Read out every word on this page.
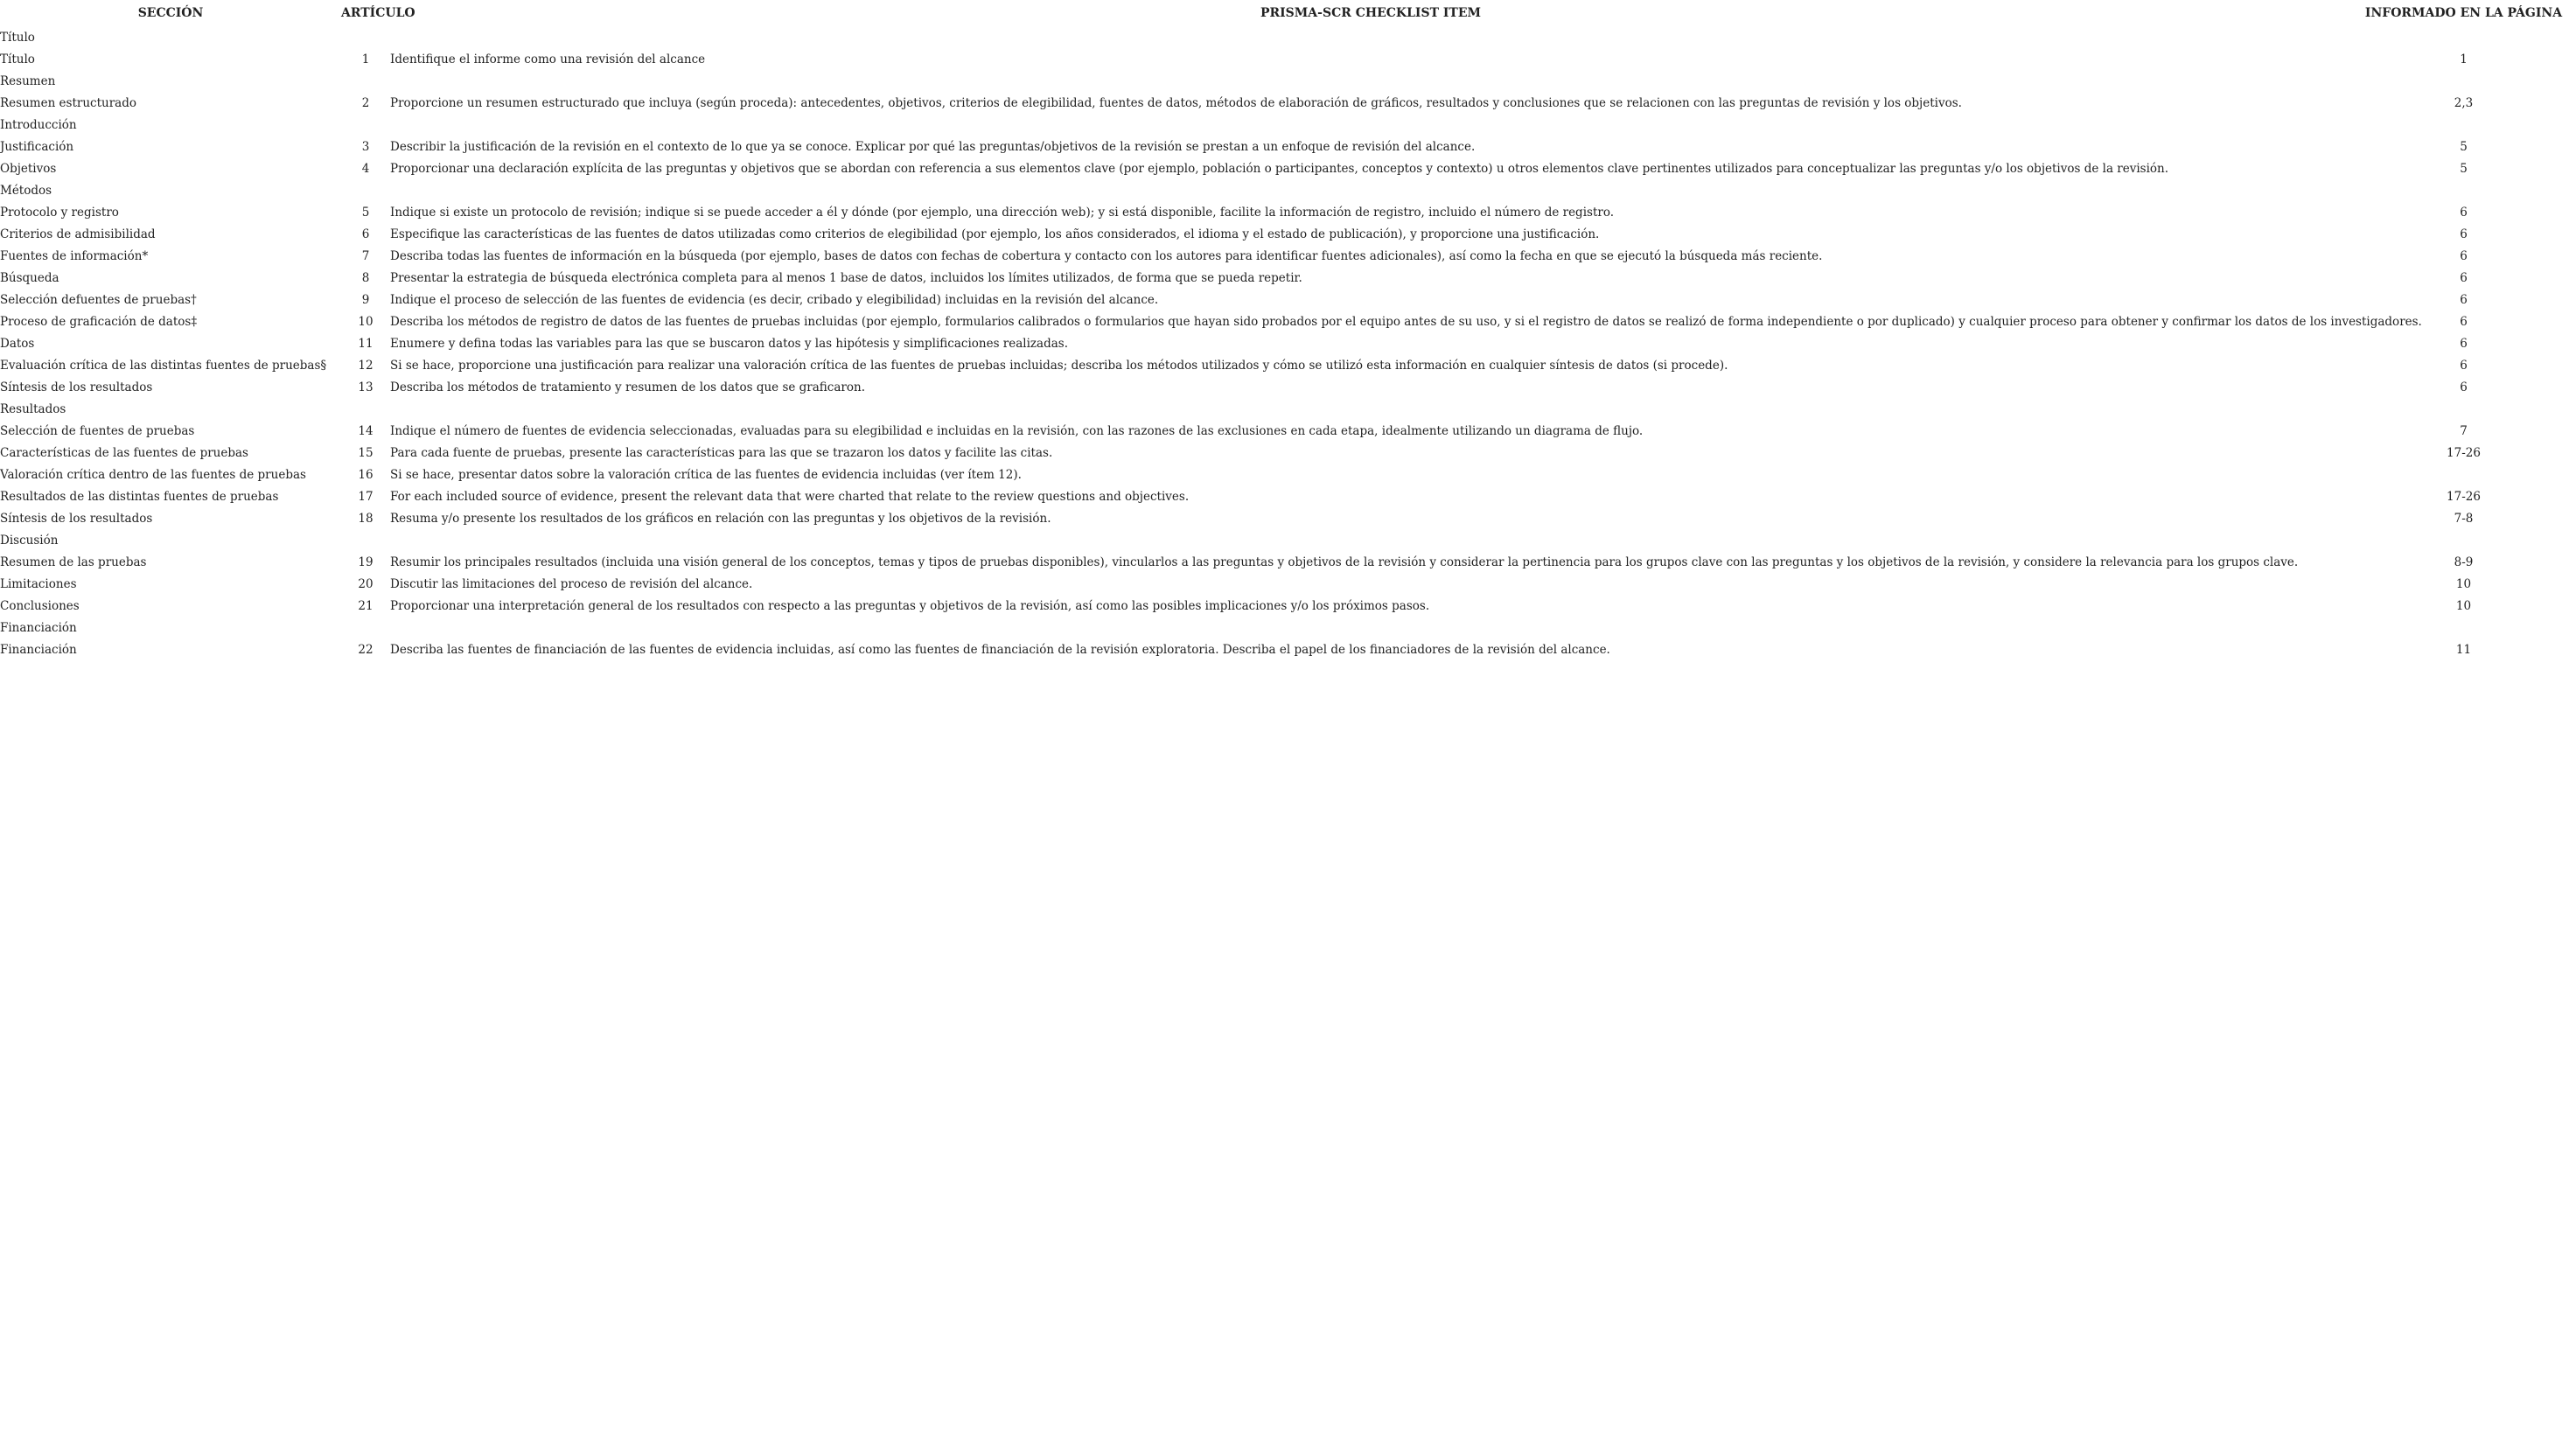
SECCIÓN	ARTÍCULO	PRISMA-SCR CHECKLIST ITEM	INFORMADO EN LA PÁGINA
Título			
Título	1	Identifique el informe como una revisión del alcance	1
Resumen			
Resumen estructurado	2	Proporcione un resumen estructurado que incluya (según proceda): antecedentes, objetivos, criterios de elegibilidad, fuentes de datos, métodos de elaboración de gráficos, resultados y conclusiones que se relacionen con las preguntas de revisión y los objetivos.	2,3
Introducción			
Justificación	3	Describir la justificación de la revisión en el contexto de lo que ya se conoce. Explicar por qué las preguntas/objetivos de la revisión se prestan a un enfoque de revisión del alcance.	5
Objetivos	4	Proporcionar una declaración explícita de las preguntas y objetivos que se abordan con referencia a sus elementos clave (por ejemplo, población o participantes, conceptos y contexto) u otros elementos clave pertinentes utilizados para conceptualizar las preguntas y/o los objetivos de la revisión.	5
Métodos			
Protocolo y registro	5	Indique si existe un protocolo de revisión; indique si se puede acceder a él y dónde (por ejemplo, una dirección web); y si está disponible, facilite la información de registro, incluido el número de registro.	6
Criterios de admisibilidad	6	Especifique las características de las fuentes de datos utilizadas como criterios de elegibilidad (por ejemplo, los años considerados, el idioma y el estado de publicación), y proporcione una justificación.	6
Fuentes de información*	7	Describa todas las fuentes de información en la búsqueda (por ejemplo, bases de datos con fechas de cobertura y contacto con los autores para identificar fuentes adicionales), así como la fecha en que se ejecutó la búsqueda más reciente.	6
Búsqueda	8	Presentar la estrategia de búsqueda electrónica completa para al menos 1 base de datos, incluidos los límites utilizados, de forma que se pueda repetir.	6
Selección defuentes de pruebas†	9	Indique el proceso de selección de las fuentes de evidencia (es decir, cribado y elegibilidad) incluidas en la revisión del alcance.	6
Proceso de graficación de datos‡	10	Describa los métodos de registro de datos de las fuentes de pruebas incluidas (por ejemplo, formularios calibrados o formularios que hayan sido probados por el equipo antes de su uso, y si el registro de datos se realizó de forma independiente o por duplicado) y cualquier proceso para obtener y confirmar los datos de los investigadores.	6
Datos	11	Enumere y defina todas las variables para las que se buscaron datos y las hipótesis y simplificaciones realizadas.	6
Evaluación crítica de las distintas fuentes de pruebas§	12	Si se hace, proporcione una justificación para realizar una valoración crítica de las fuentes de pruebas incluidas; describa los métodos utilizados y cómo se utilizó esta información en cualquier síntesis de datos (si procede).	6
Síntesis de los resultados	13	Describa los métodos de tratamiento y resumen de los datos que se graficaron.	6
Resultados			
Selección de fuentes de pruebas	14	Indique el número de fuentes de evidencia seleccionadas, evaluadas para su elegibilidad e incluidas en la revisión, con las razones de las exclusiones en cada etapa, idealmente utilizando un diagrama de flujo.	7
Características de las fuentes de pruebas	15	Para cada fuente de pruebas, presente las características para las que se trazaron los datos y facilite las citas.	17-26
Valoración crítica dentro de las fuentes de pruebas	16	Si se hace, presentar datos sobre la valoración crítica de las fuentes de evidencia incluidas (ver ítem 12).	
Resultados de las distintas fuentes de pruebas	17	For each included source of evidence, present the relevant data that were charted that relate to the review questions and objectives.	17-26
Síntesis de los resultados	18	Resuma y/o presente los resultados de los gráficos en relación con las preguntas y los objetivos de la revisión.	7-8
Discusión			
Resumen de las pruebas	19	Resumir los principales resultados (incluida una visión general de los conceptos, temas y tipos de pruebas disponibles), vincularlos a las preguntas y objetivos de la revisión y considerar la pertinencia para los grupos clave con las preguntas y los objetivos de la revisión, y considere la relevancia para los grupos clave.	8-9
Limitaciones	20	Discutir las limitaciones del proceso de revisión del alcance.	10
Conclusiones	21	Proporcionar una interpretación general de los resultados con respecto a las preguntas y objetivos de la revisión, así como las posibles implicaciones y/o los próximos pasos.	10
Financiación			
Financiación	22	Describa las fuentes de financiación de las fuentes de evidencia incluidas, así como las fuentes de financiación de la revisión exploratoria. Describa el papel de los financiadores de la revisión del alcance.	11
